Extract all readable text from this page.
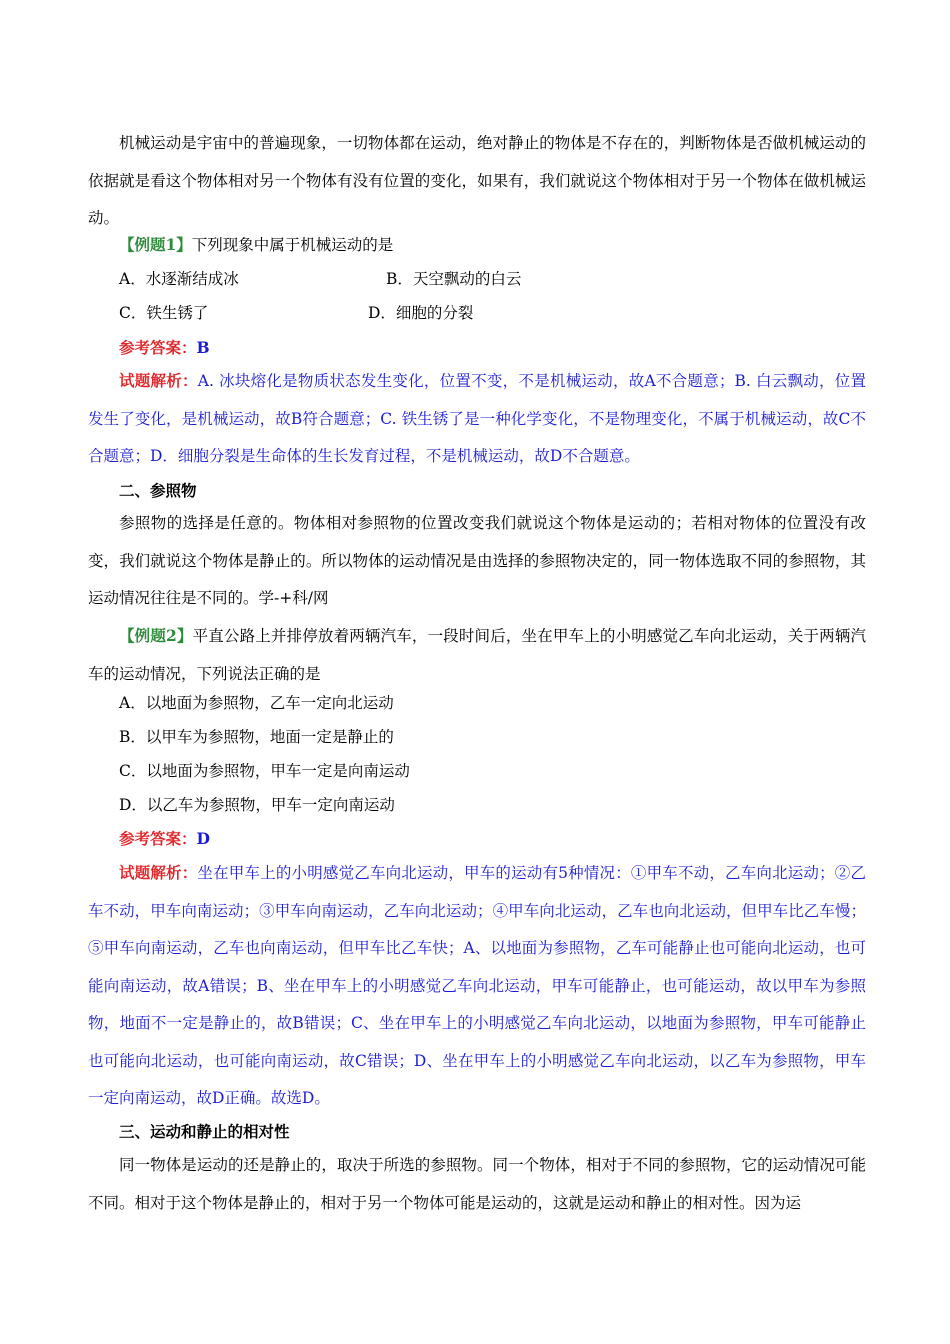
机械运动是宇宙中的普遍现象，一切物体都在运动，绝对静止的物体是不存在的，判断物体是否做机械运动的依据就是看这个物体相对另一个物体有没有位置的变化，如果有，我们就说这个物体相对于另一个物体在做机械运动。

【例题1】下列现象中属于机械运动的是

A．水逐渐结成冰	B．天空飘动的白云

C．铁生锈了	D．细胞的分裂

参考答案：B

试题解析：A. 冰块熔化是物质状态发生变化，位置不变，不是机械运动，故A不合题意；B. 白云飘动，位置发生了变化，是机械运动，故B符合题意；C. 铁生锈了是一种化学变化，不是物理变化，不属于机械运动，故C不合题意；D．细胞分裂是生命体的生长发育过程，不是机械运动，故D不合题意。

二、参照物

参照物的选择是任意的。物体相对参照物的位置改变我们就说这个物体是运动的；若相对物体的位置没有改变，我们就说这个物体是静止的。所以物体的运动情况是由选择的参照物决定的，同一物体选取不同的参照物，其运动情况往往是不同的。学-+科/网

【例题2】平直公路上并排停放着两辆汽车，一段时间后，坐在甲车上的小明感觉乙车向北运动，关于两辆汽车的运动情况，下列说法正确的是

A．以地面为参照物，乙车一定向北运动

B．以甲车为参照物，地面一定是静止的

C．以地面为参照物，甲车一定是向南运动

D．以乙车为参照物，甲车一定向南运动

参考答案：D

试题解析：坐在甲车上的小明感觉乙车向北运动，甲车的运动有5种情况：①甲车不动，乙车向北运动；②乙车不动，甲车向南运动；③甲车向南运动，乙车向北运动；④甲车向北运动，乙车也向北运动，但甲车比乙车慢；⑤甲车向南运动，乙车也向南运动，但甲车比乙车快；A、以地面为参照物，乙车可能静止也可能向北运动，也可能向南运动，故A错误；B、坐在甲车上的小明感觉乙车向北运动，甲车可能静止，也可能运动，故以甲车为参照物，地面不一定是静止的，故B错误；C、坐在甲车上的小明感觉乙车向北运动，以地面为参照物，甲车可能静止也可能向北运动，也可能向南运动，故C错误；D、坐在甲车上的小明感觉乙车向北运动，以乙车为参照物，甲车一定向南运动，故D正确。故选D。

三、运动和静止的相对性

同一物体是运动的还是静止的，取决于所选的参照物。同一个物体，相对于不同的参照物，它的运动情况可能不同。相对于这个物体是静止的，相对于另一个物体可能是运动的，这就是运动和静止的相对性。因为运
